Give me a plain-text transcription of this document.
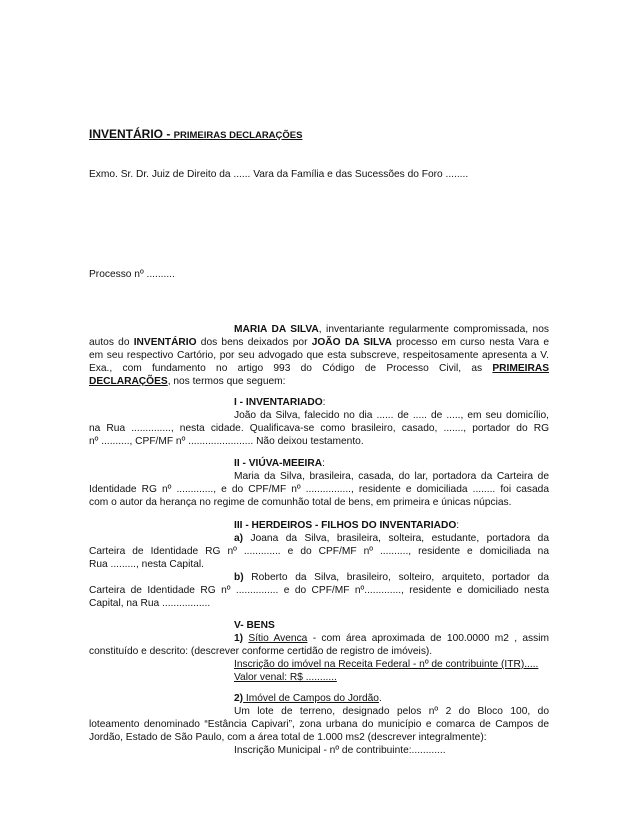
INVENTÁRIO - PRIMEIRAS DECLARAÇÕES
Exmo. Sr. Dr. Juiz de Direito da ...... Vara da Família e das Sucessões do Foro ........
Processo nº ..........
MARIA DA SILVA, inventariante regularmente compromissada, nos
autos do INVENTÁRIO dos bens deixados por JOÃO DA SILVA processo em curso nesta Vara e
em seu respectivo Cartório, por seu advogado que esta subscreve, respeitosamente apresenta a V.
Exa., com fundamento no artigo 993 do Código de Processo Civil, as PRIMEIRAS
DECLARAÇÕES, nos termos que seguem:
I - INVENTARIADO:
João da Silva, falecido no dia ...... de ..... de ....., em seu domicílio,
na Rua .............., nesta cidade. Qualificava-se como brasileiro, casado, ......., portador do RG
nº .........., CPF/MF nº ....................... Não deixou testamento.
II - VIÚVA-MEEIRA:
Maria da Silva, brasileira, casada, do lar, portadora da Carteira de
Identidade RG nº ............., e do CPF/MF nº ................, residente e domiciliada ........ foi casada
com o autor da herança no regime de comunhão total de bens, em primeira e únicas núpcias.
III - HERDEIROS - FILHOS DO INVENTARIADO:
a) Joana da Silva, brasileira, solteira, estudante, portadora da
Carteira de Identidade RG nº ............. e do CPF/MF nº .........., residente e domiciliada na
Rua ........., nesta Capital.
b) Roberto da Silva, brasileiro, solteiro, arquiteto, portador da
Carteira de Identidade RG nº ............... e do CPF/MF nº............., residente e domiciliado nesta
Capital, na Rua .................
V- BENS
1) Sítio Avenca - com área aproximada de 100.0000 m2 , assim
constituído e descrito: (descrever conforme certidão de registro de imóveis).
Inscrição do imóvel na Receita Federal - nº de contribuinte (ITR).....
Valor venal: R$ ...........
2) Imóvel de Campos do Jordão.
Um lote de terreno, designado pelos nº 2 do Bloco 100, do
loteamento denominado “Estância Capivari”, zona urbana do município e comarca de Campos de
Jordão, Estado de São Paulo, com a área total de 1.000 ms2 (descrever integralmente):
Inscrição Municipal - nº de contribuinte:............
